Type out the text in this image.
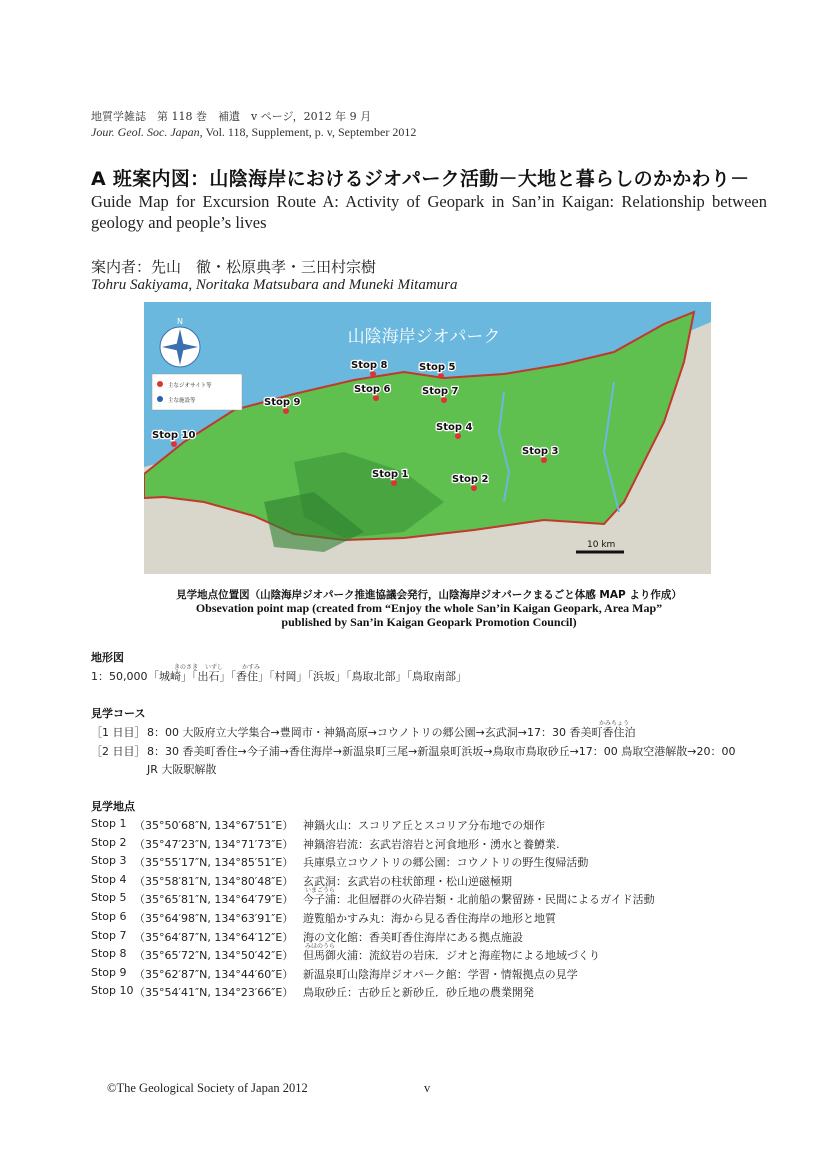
地質学雑誌　第 118 巻　補遺　v ページ，2012 年 9 月
Jour. Geol. Soc. Japan, Vol. 118, Supplement, p. v, September 2012
A 班案内図：山陰海岸におけるジオパーク活動－大地と暮らしのかかわり－
Guide Map for Excursion Route A: Activity of Geopark in San’in Kaigan: Relationship between geology and people’s lives
案内者：先山　徹・松原典孝・三田村宗樹
Tohru Sakiyama, Noritaka Matsubara and Muneki Mitamura
山陰海岸ジオパーク
N
主なジオサイト等
主な施設等
10 km
Stop 1	Stop 2
Stop 3
Stop 4
Stop 5
Stop 6	Stop 7
Stop 8
Stop 9
Stop 10
見学地点位置図（山陰海岸ジオパーク推進協議会発行，山陰海岸ジオパークまるごと体感 MAP より作成）
Obsevation point map (created from “Enjoy the whole San’in Kaigan Geopark, Area Map”
published by San’in Kaigan Geopark Promotion Council)
地形図
きのさき いずし	かすみ
1：50,000 「城崎」「出石」「香住」「村岡」「浜坂」「鳥取北部」「鳥取南部」
見学コース
［1 日目］
かみちょう
8：00 大阪府立大学集合→豊岡市・神鍋高原→コウノトリの郷公園→玄武洞→17：30 香美町香住泊
［2 日目］ 8：30 香美町香住→今子浦→香住海岸→新温泉町三尾→新温泉町浜坂→鳥取市鳥取砂丘→17：00 鳥取空港解散→20：00
JR 大阪駅解散
見学地点
Stop 1 （35°50′68″N, 134°67′51″E） 神鍋火山：スコリア丘とスコリア分布地での畑作
Stop 2 （35°47′23″N, 134°71′73″E） 神鍋溶岩流：玄武岩溶岩と河食地形・湧水と養鱒業.
Stop 3 （35°55′17″N, 134°85′51″E） 兵庫県立コウノトリの郷公園：コウノトリの野生復帰活動
Stop 4 （35°58′81″N, 134°80′48″E） 玄武洞：玄武岩の柱状節理・松山逆磁極期
Stop 5 （35°65′81″N, 134°64′79″E） 今子浦：北但層群の火砕岩類・北前船の繋留跡・民間によるガイド活動
いまごうら
Stop 6 （35°64′98″N, 134°63′91″E） 遊覧船かすみ丸：海から見る香住海岸の地形と地質
Stop 7 （35°64′87″N, 134°64′12″E） 海の文化館：香美町香住海岸にある拠点施設
Stop 8 （35°65′72″N, 134°50′42″E） 但馬御火浦：流紋岩の岩床．ジオと海産物による地域づくり
みほのうら
Stop 9 （35°62′87″N, 134°44′60″E） 新温泉町山陰海岸ジオパーク館：学習・情報拠点の見学
Stop 10 （35°54′41″N, 134°23′66″E） 鳥取砂丘：古砂丘と新砂丘．砂丘地の農業開発
©The Geological Society of Japan 2012	v
